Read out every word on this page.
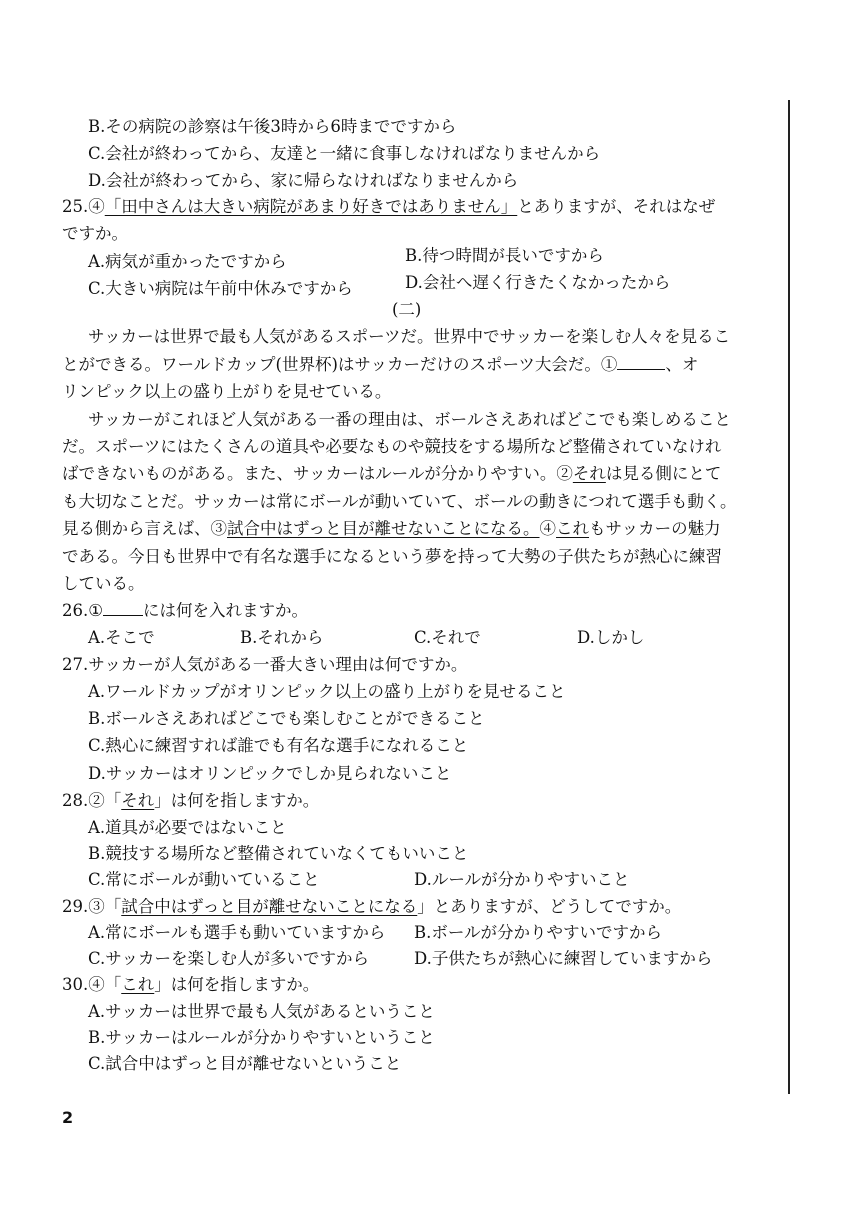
B.その病院の診察は午後3時から6時までですから
C.会社が終わってから、友達と一緒に食事しなければなりませんから
D.会社が終わってから、家に帰らなければなりませんから
25.④「田中さんは大きい病院があまり好きではありません」とありますが、それはなぜ
ですか。
A.病気が重かったですから	B.待つ時間が長いですから
C.大きい病院は午前中休みですから	D.会社へ遅く行きたくなかったから
(二)
サッカーは世界で最も人気があるスポーツだ。世界中でサッカーを楽しむ人々を見るこ
とができる。ワールドカップ(世界杯)はサッカーだけのスポーツ大会だ。①	、オ
リンピック以上の盛り上がりを見せている。
サッカーがこれほど人気がある一番の理由は、ボールさえあればどこでも楽しめること
だ。スポーツにはたくさんの道具や必要なものや競技をする場所など整備されていなけれ
ばできないものがある。また、サッカーはルールが分かりやすい。②それは見る側にとて
も大切なことだ。サッカーは常にボールが動いていて、ボールの動きにつれて選手も動く。
見る側から言えば、③試合中はずっと目が離せないことになる。④これもサッカーの魅力
である。今日も世界中で有名な選手になるという夢を持って大勢の子供たちが熱心に練習
している。
26.① には何を入れますか。
A.そこで	B.それから	C.それで	D.しかし
27.サッカーが人気がある一番大きい理由は何ですか。
A.ワールドカップがオリンピック以上の盛り上がりを見せること
B.ボールさえあればどこでも楽しむことができること
C.熱心に練習すれば誰でも有名な選手になれること
D.サッカーはオリンピックでしか見られないこと
28.②「それ」は何を指しますか。
A.道具が必要ではないこと
B.競技する場所など整備されていなくてもいいこと
C.常にボールが動いていること	D.ルールが分かりやすいこと
29.③「試合中はずっと目が離せないことになる」とありますが、どうしてですか。
A.常にボールも選手も動いていますから B.ボールが分かりやすいですから
C.サッカーを楽しむ人が多いですから	D.子供たちが熱心に練習していますから
30.④「これ」は何を指しますか。
A.サッカーは世界で最も人気があるということ
B.サッカーはルールが分かりやすいということ
C.試合中はずっと目が離せないということ
2
